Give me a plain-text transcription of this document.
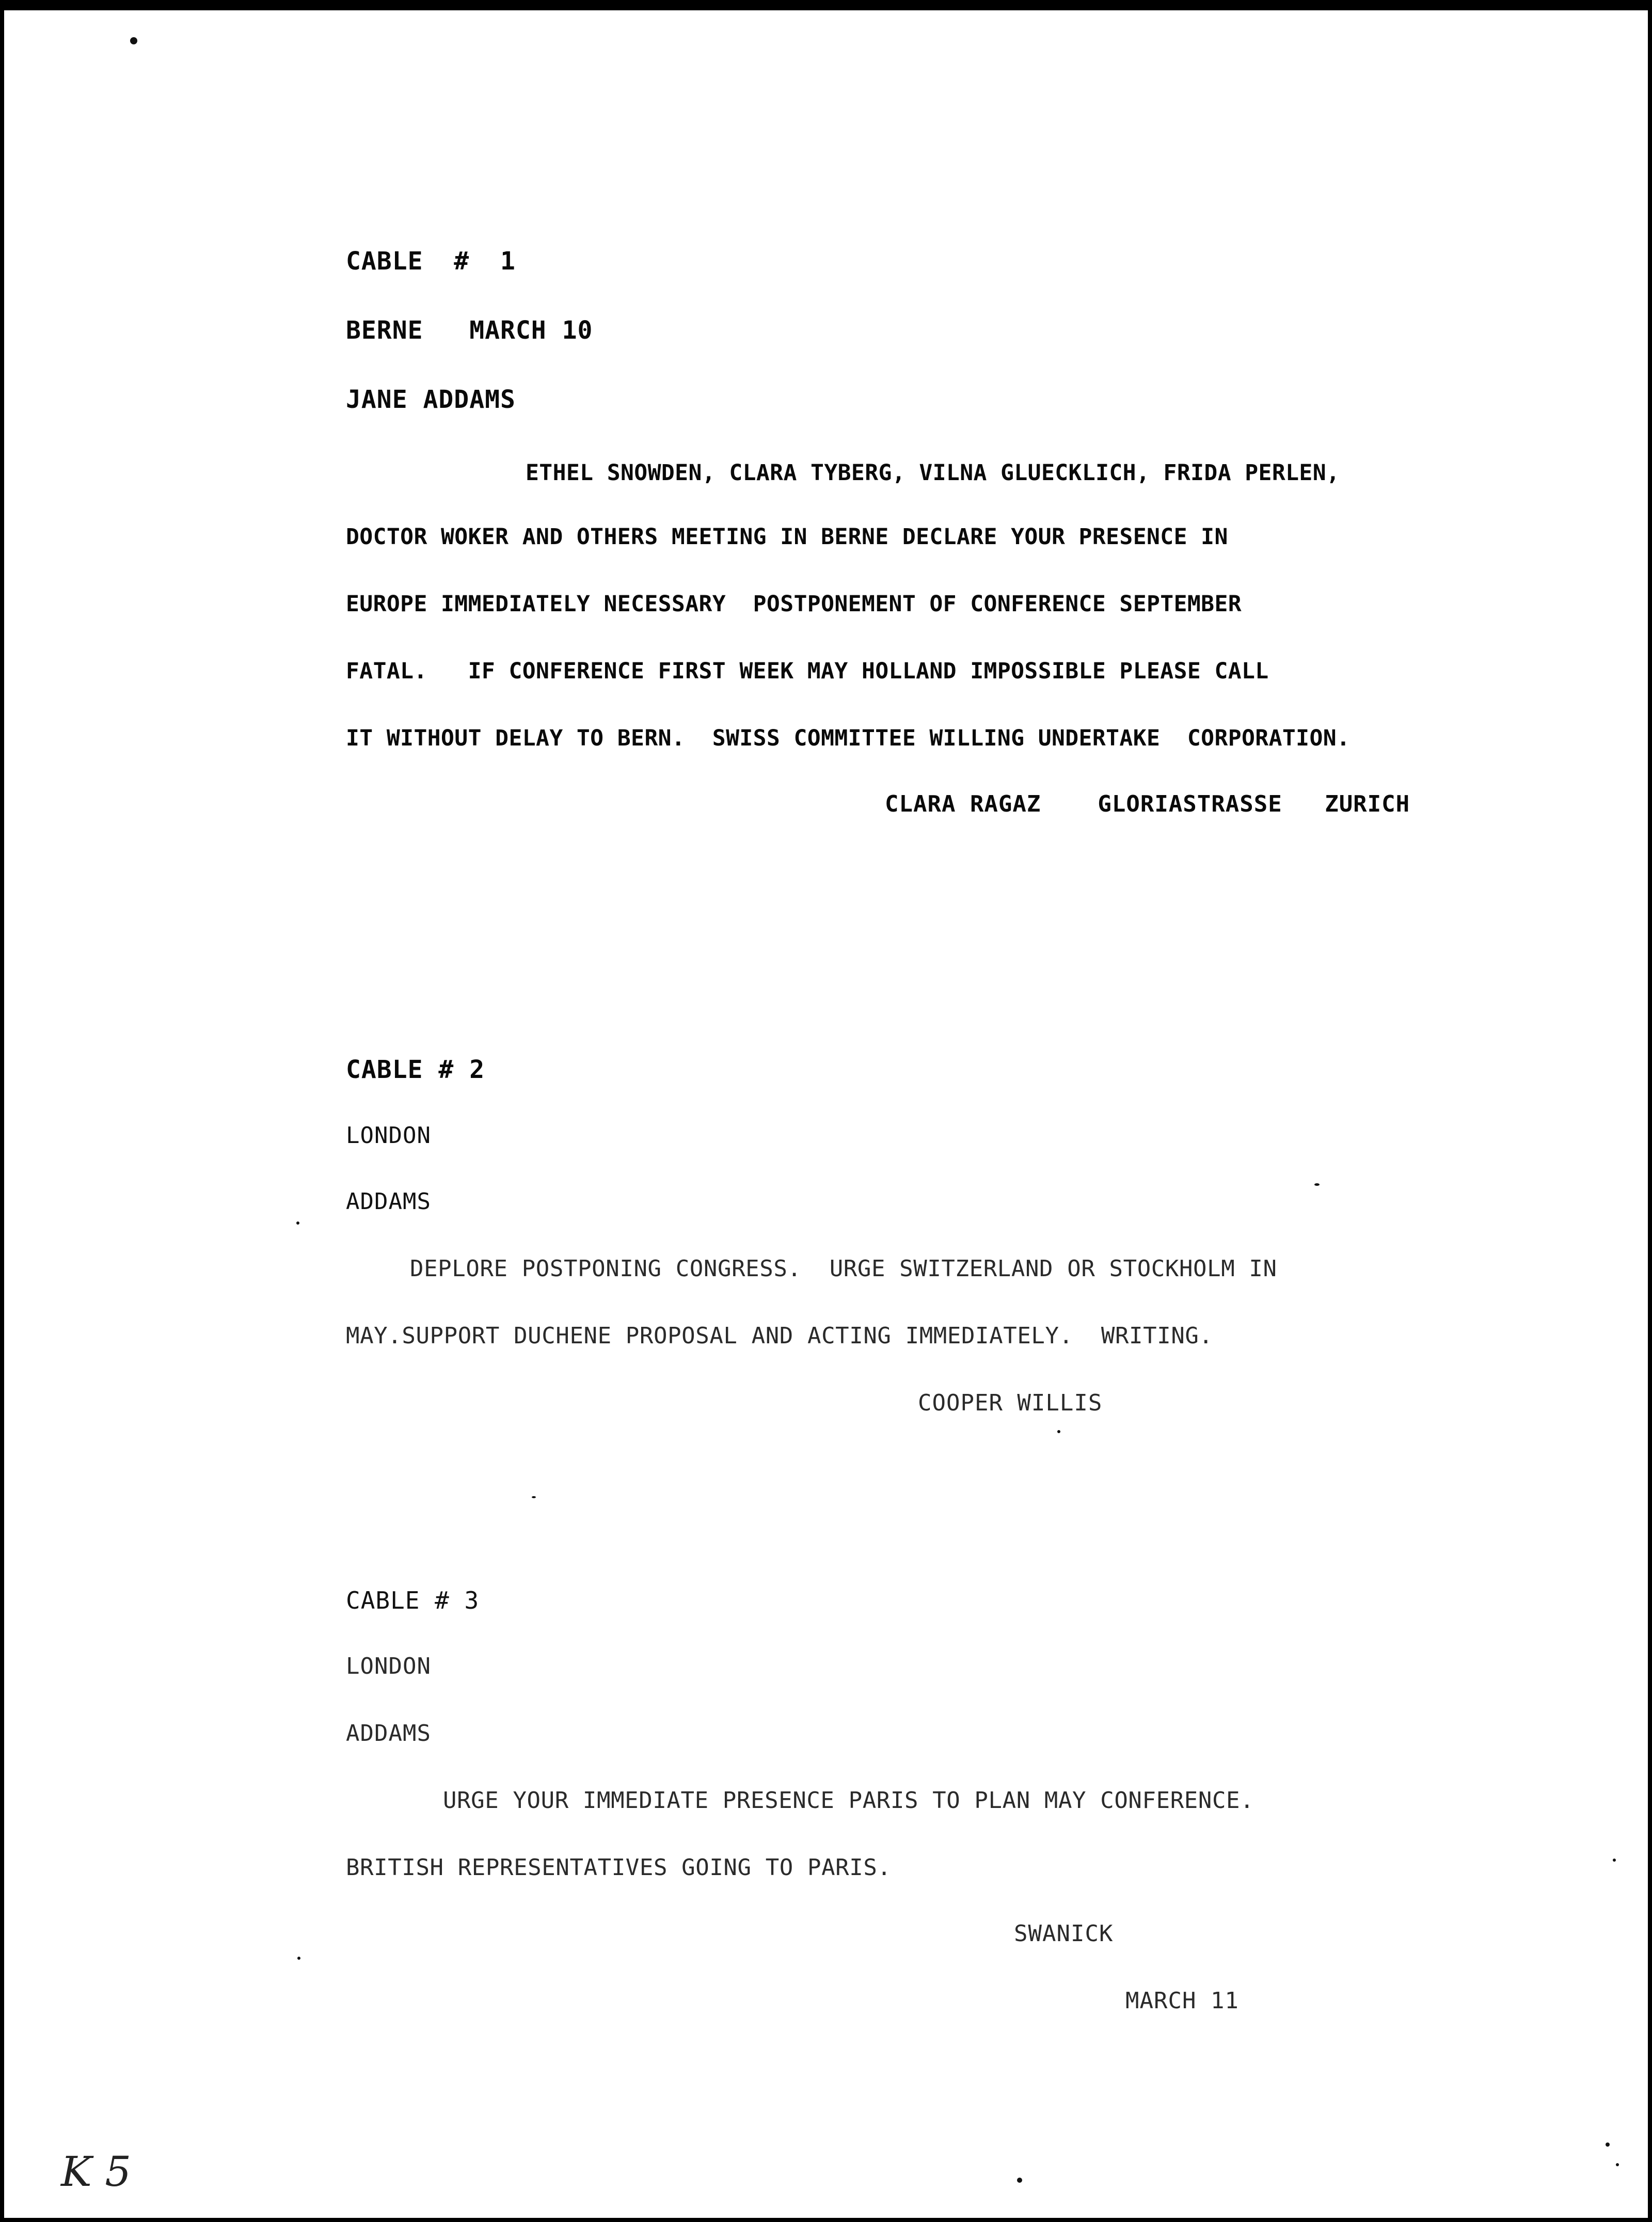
CABLE  #  1
BERNE   MARCH 10
JANE ADDAMS
ETHEL SNOWDEN, CLARA TYBERG, VILNA GLUECKLICH, FRIDA PERLEN,
DOCTOR WOKER AND OTHERS MEETING IN BERNE DECLARE YOUR PRESENCE IN
EUROPE IMMEDIATELY NECESSARY  POSTPONEMENT OF CONFERENCE SEPTEMBER
FATAL.   IF CONFERENCE FIRST WEEK MAY HOLLAND IMPOSSIBLE PLEASE CALL
IT WITHOUT DELAY TO BERN.  SWISS COMMITTEE WILLING UNDERTAKE  CORPORATION.
CLARA RAGAZ    GLORIASTRASSE   ZURICH
CABLE # 2
LONDON
ADDAMS
DEPLORE POSTPONING CONGRESS.  URGE SWITZERLAND OR STOCKHOLM IN
MAY.SUPPORT DUCHENE PROPOSAL AND ACTING IMMEDIATELY.  WRITING.
COOPER WILLIS
CABLE # 3
LONDON
ADDAMS
URGE YOUR IMMEDIATE PRESENCE PARIS TO PLAN MAY CONFERENCE.
BRITISH REPRESENTATIVES GOING TO PARIS.
SWANICK
MARCH 11
K 5
